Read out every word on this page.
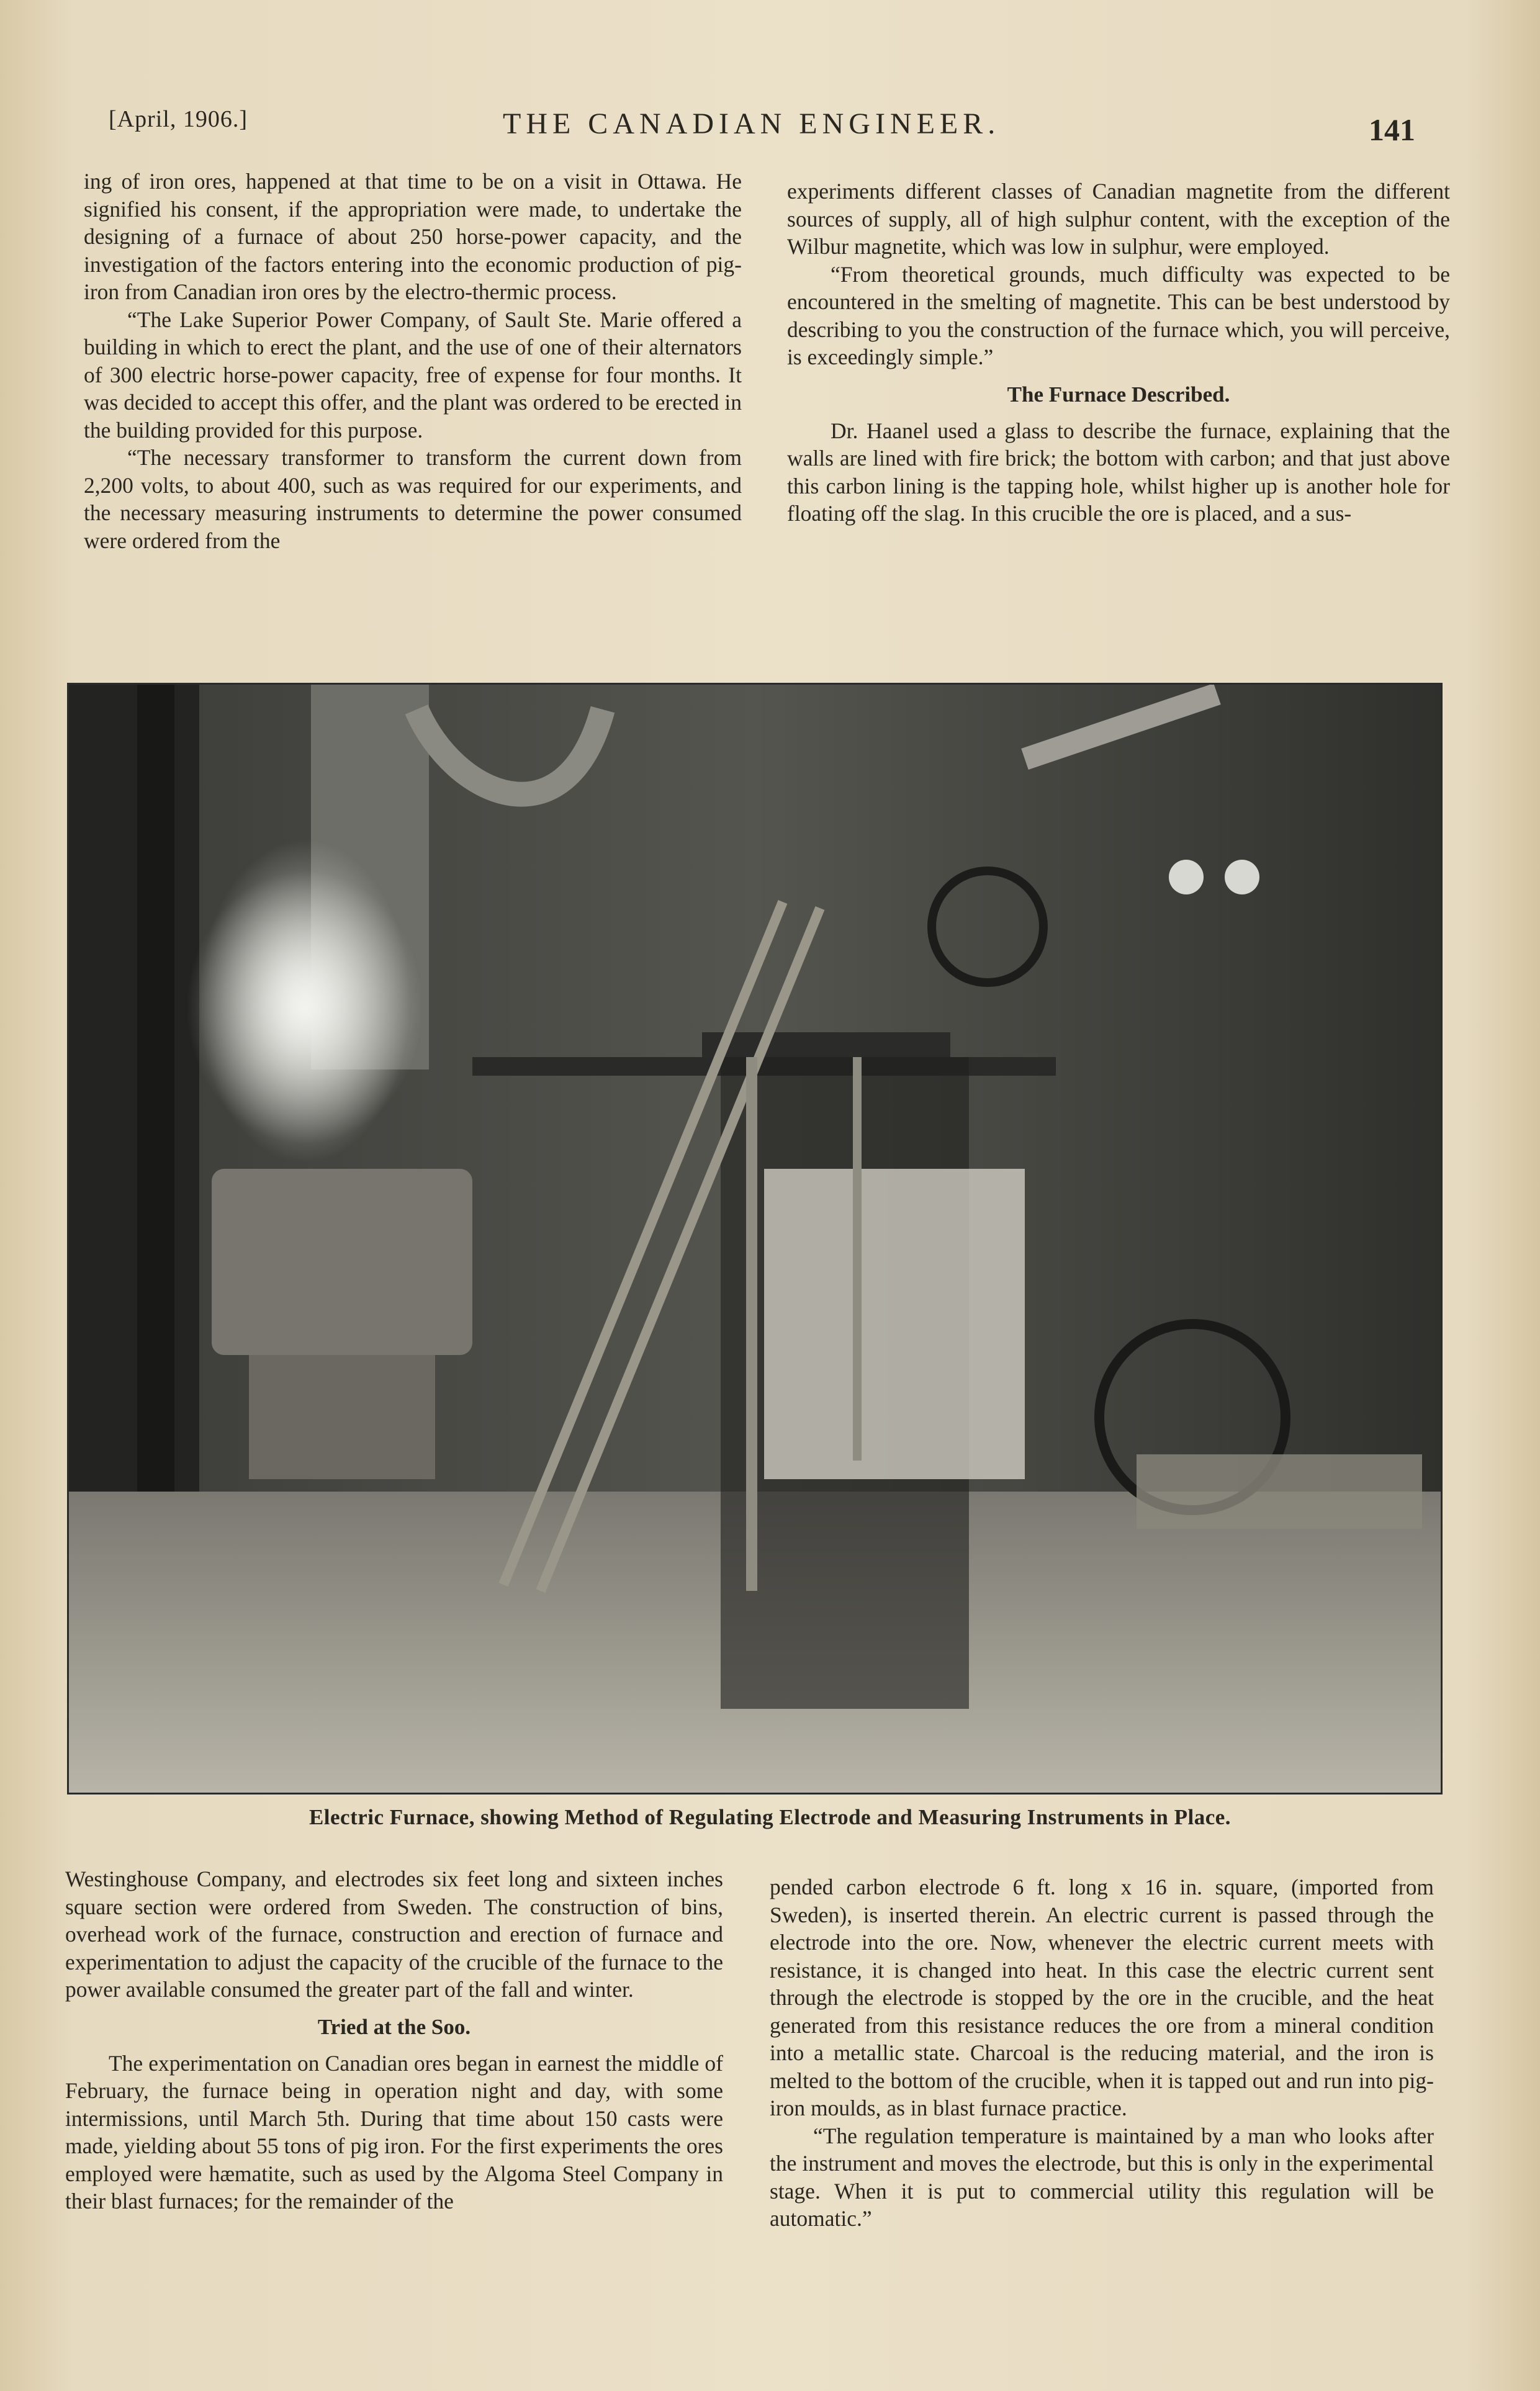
[April, 1906.]	THE CANADIAN ENGINEER.	141

ing of iron ores, happened at that time to be on a visit in Ottawa. He signified his consent, if the appropriation were made, to undertake the designing of a furnace of about 250 horse-power capacity, and the investigation of the factors entering into the economic production of pig-iron from Canadian iron ores by the electro-thermic process.

“The Lake Superior Power Company, of Sault Ste. Marie offered a building in which to erect the plant, and the use of one of their alternators of 300 electric horse-power capacity, free of expense for four months. It was decided to accept this offer, and the plant was ordered to be erected in the building provided for this purpose.

“The necessary transformer to transform the current down from 2,200 volts, to about 400, such as was required for our experiments, and the necessary measuring instruments to determine the power consumed were ordered from the

experiments different classes of Canadian magnetite from the different sources of supply, all of high sulphur content, with the exception of the Wilbur magnetite, which was low in sulphur, were employed.

“From theoretical grounds, much difficulty was expected to be encountered in the smelting of magnetite. This can be best understood by describing to you the construction of the furnace which, you will perceive, is exceedingly simple.”

The Furnace Described.

Dr. Haanel used a glass to describe the furnace, explaining that the walls are lined with fire brick; the bottom with carbon; and that just above this carbon lining is the tapping hole, whilst higher up is another hole for floating off the slag. In this crucible the ore is placed, and a sus-

Electric Furnace, showing Method of Regulating Electrode and Measuring Instruments in Place.

Westinghouse Company, and electrodes six feet long and sixteen inches square section were ordered from Sweden. The construction of bins, overhead work of the furnace, construction and erection of furnace and experimentation to adjust the capacity of the crucible of the furnace to the power available consumed the greater part of the fall and winter.

Tried at the Soo.

The experimentation on Canadian ores began in earnest the middle of February, the furnace being in operation night and day, with some intermissions, until March 5th. During that time about 150 casts were made, yielding about 55 tons of pig iron. For the first experiments the ores employed were hæmatite, such as used by the Algoma Steel Company in their blast furnaces; for the remainder of the

pended carbon electrode 6 ft. long x 16 in. square, (imported from Sweden), is inserted therein. An electric current is passed through the electrode into the ore. Now, whenever the electric current meets with resistance, it is changed into heat. In this case the electric current sent through the electrode is stopped by the ore in the crucible, and the heat generated from this resistance reduces the ore from a mineral condition into a metallic state. Charcoal is the reducing material, and the iron is melted to the bottom of the crucible, when it is tapped out and run into pig-iron moulds, as in blast furnace practice.

“The regulation temperature is maintained by a man who looks after the instrument and moves the electrode, but this is only in the experimental stage. When it is put to commercial utility this regulation will be automatic.”
